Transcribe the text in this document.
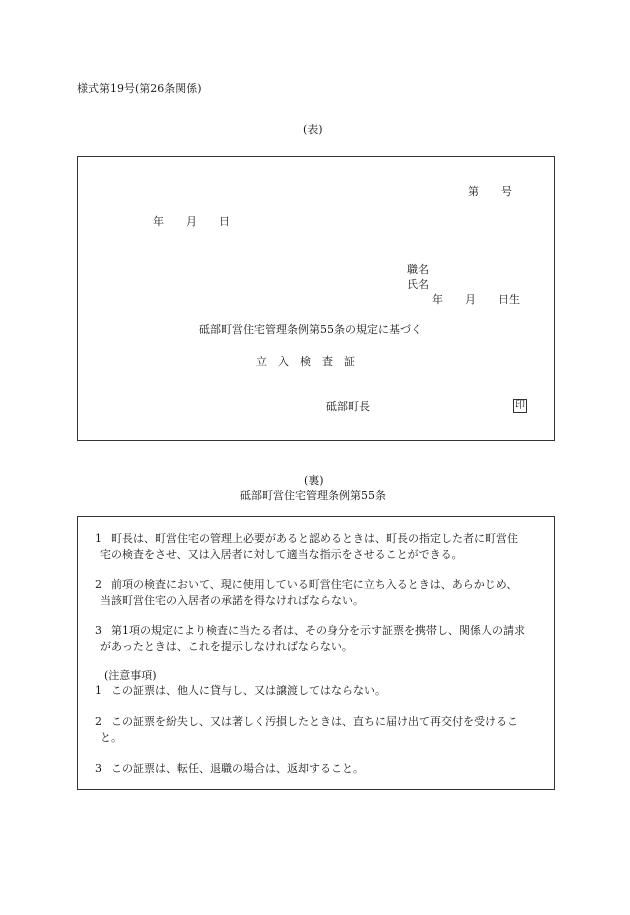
様式第19号(第26条関係)
(表)
第　　号
年　　月　　日
職名
氏名
年　　月　　日生
砥部町営住宅管理条例第55条の規定に基づく
立　入　検　査　証
砥部町長	印
(裏)
砥部町営住宅管理条例第55条
1 町長は、町営住宅の管理上必要があると認めるときは、町長の指定した者に町営住
宅の検査をさせ、又は入居者に対して適当な指示をさせることができる。
2 前項の検査において、現に使用している町営住宅に立ち入るときは、あらかじめ、
当該町営住宅の入居者の承諾を得なければならない。
3 第1項の規定により検査に当たる者は、その身分を示す証票を携帯し、関係人の請求
があったときは、これを提示しなければならない。
(注意事項)
1 この証票は、他人に貸与し、又は譲渡してはならない。
2 この証票を紛失し、又は著しく汚損したときは、直ちに届け出て再交付を受けるこ
と。
3 この証票は、転任、退職の場合は、返却すること。
